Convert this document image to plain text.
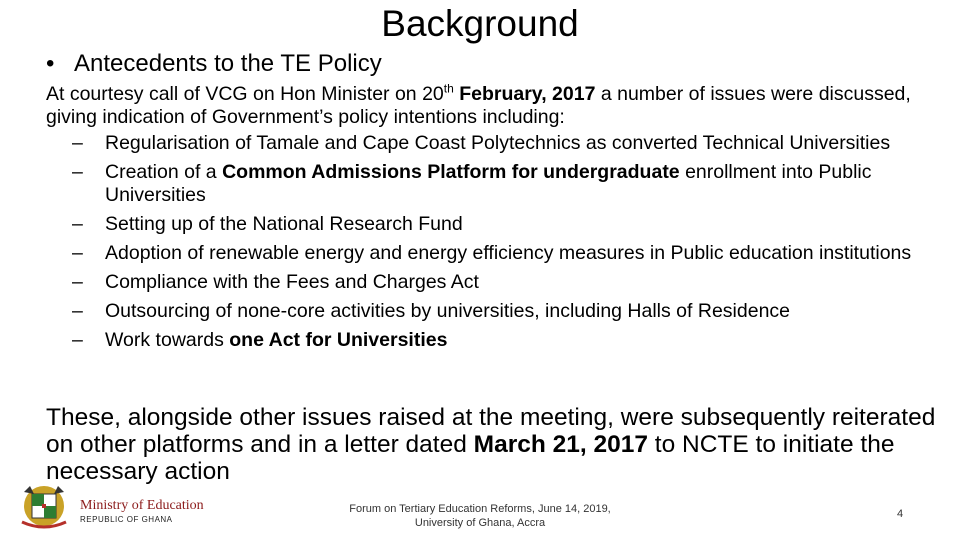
Background
• Antecedents to the TE Policy
At courtesy call of VCG on Hon Minister on 20th February, 2017 a number of issues were discussed, giving indication of Government’s policy intentions including:
– Regularisation of Tamale and Cape Coast Polytechnics as converted Technical Universities
– Creation of a Common Admissions Platform for undergraduate enrollment into Public Universities
– Setting up of the National Research Fund
– Adoption of renewable energy and energy efficiency measures in Public education institutions
– Compliance with the Fees and Charges Act
– Outsourcing of none-core activities by universities, including Halls of Residence
– Work towards one Act for Universities
These, alongside other issues raised at the meeting, were subsequently reiterated on other platforms and in a letter dated March 21, 2017 to NCTE to initiate the necessary action
Ministry of Education
REPUBLIC OF GHANA
Forum on Tertiary Education Reforms, June 14, 2019,
University of Ghana, Accra
4
